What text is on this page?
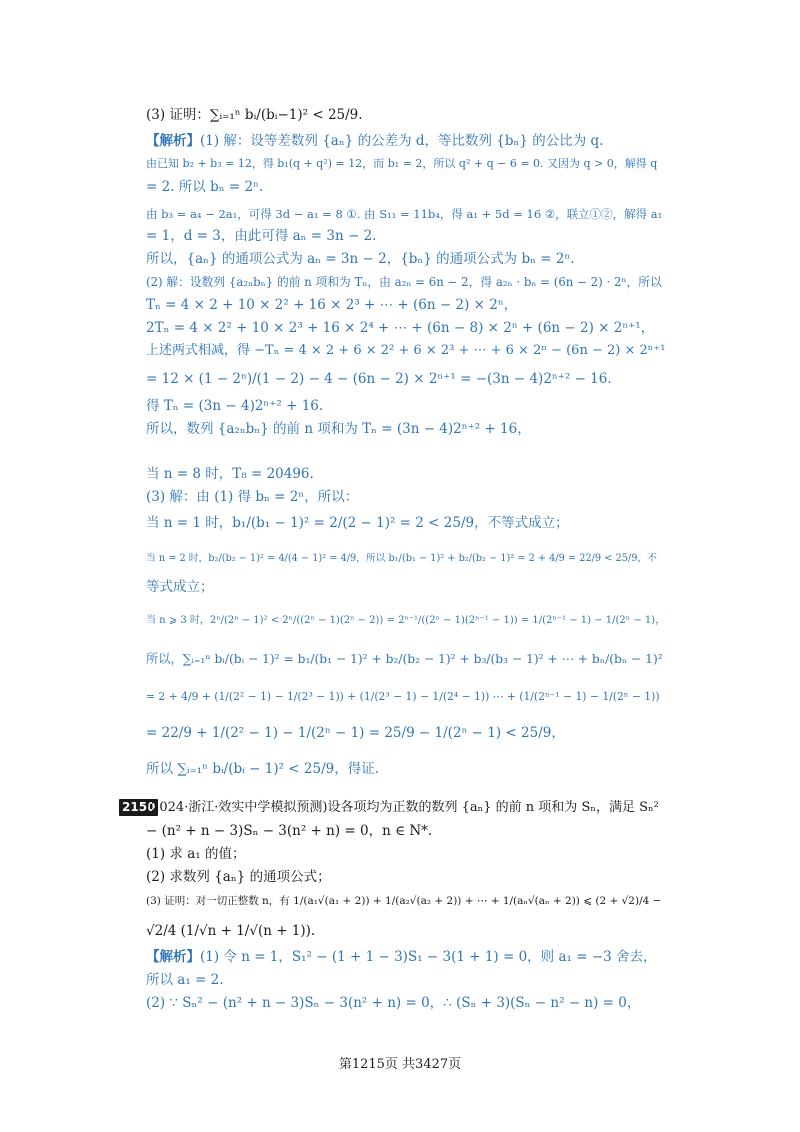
(3) 证明：∑ᵢ₌₁ⁿ bᵢ/(bᵢ−1)² < 25/9.
【解析】(1) 解：设等差数列 {aₙ} 的公差为 d，等比数列 {bₙ} 的公比为 q.
由已知 b₂ + b₃ = 12，得 b₁(q + q²) = 12，而 b₁ = 2，所以 q² + q − 6 = 0. 又因为 q > 0，解得 q
= 2. 所以 bₙ = 2ⁿ.
由 b₃ = a₄ − 2a₁，可得 3d − a₁ = 8 ①. 由 S₁₁ = 11b₄，得 a₁ + 5d = 16 ②，联立①②，解得 a₁
= 1，d = 3，由此可得 aₙ = 3n − 2.
所以，{aₙ} 的通项公式为 aₙ = 3n − 2，{bₙ} 的通项公式为 bₙ = 2ⁿ.
(2) 解：设数列 {a₂ₙbₙ} 的前 n 项和为 Tₙ，由 a₂ₙ = 6n − 2，得 a₂ₙ · bₙ = (6n − 2) · 2ⁿ，所以
Tₙ = 4 × 2 + 10 × 2² + 16 × 2³ + ⋯ + (6n − 2) × 2ⁿ，
2Tₙ = 4 × 2² + 10 × 2³ + 16 × 2⁴ + ⋯ + (6n − 8) × 2ⁿ + (6n − 2) × 2ⁿ⁺¹，
上述两式相减，得 −Tₙ = 4 × 2 + 6 × 2² + 6 × 2³ + ⋯ + 6 × 2ⁿ − (6n − 2) × 2ⁿ⁺¹
= 12 × (1 − 2ⁿ)/(1 − 2) − 4 − (6n − 2) × 2ⁿ⁺¹ = −(3n − 4)2ⁿ⁺² − 16.
得 Tₙ = (3n − 4)2ⁿ⁺² + 16.
所以，数列 {a₂ₙbₙ} 的前 n 项和为 Tₙ = (3n − 4)2ⁿ⁺² + 16，
当 n = 8 时，T₈ = 20496.
(3) 解：由 (1) 得 bₙ = 2ⁿ，所以：
当 n = 1 时，b₁/(b₁ − 1)² = 2/(2 − 1)² = 2 < 25/9，不等式成立；
当 n = 2 时，b₂/(b₂ − 1)² = 4/(4 − 1)² = 4/9，所以 b₁/(b₁ − 1)² + b₂/(b₂ − 1)² = 2 + 4/9 = 22/9 < 25/9，不
等式成立；
当 n ⩾ 3 时，2ⁿ/(2ⁿ − 1)² < 2ⁿ/((2ⁿ − 1)(2ⁿ − 2)) = 2ⁿ⁻¹/((2ⁿ − 1)(2ⁿ⁻¹ − 1)) = 1/(2ⁿ⁻¹ − 1) − 1/(2ⁿ − 1)，
所以，∑ᵢ₌₁ⁿ bᵢ/(bᵢ − 1)² = b₁/(b₁ − 1)² + b₂/(b₂ − 1)² + b₃/(b₃ − 1)² + ⋯ + bₙ/(bₙ − 1)²
= 2 + 4/9 + (1/(2² − 1) − 1/(2³ − 1)) + (1/(2³ − 1) − 1/(2⁴ − 1)) ⋯ + (1/(2ⁿ⁻¹ − 1) − 1/(2ⁿ − 1))
= 22/9 + 1/(2² − 1) − 1/(2ⁿ − 1) = 25/9 − 1/(2ⁿ − 1) < 25/9，
所以 ∑ᵢ₌₁ⁿ bᵢ/(bᵢ − 1)² < 25/9，得证.
2150
(2024·浙江·效实中学模拟预测)设各项均为正数的数列 {aₙ} 的前 n 项和为 Sₙ，满足 Sₙ²
− (n² + n − 3)Sₙ − 3(n² + n) = 0，n ∈ N*.
(1) 求 a₁ 的值；
(2) 求数列 {aₙ} 的通项公式；
(3) 证明：对一切正整数 n，有 1/(a₁√(a₁ + 2)) + 1/(a₂√(a₂ + 2)) + ⋯ + 1/(aₙ√(aₙ + 2)) ⩽ (2 + √2)/4 −
√2/4 (1/√n + 1/√(n + 1)).
【解析】(1) 令 n = 1，S₁² − (1 + 1 − 3)S₁ − 3(1 + 1) = 0，则 a₁ = −3 舍去，
所以 a₁ = 2.
(2) ∵ Sₙ² − (n² + n − 3)Sₙ − 3(n² + n) = 0，∴ (Sₙ + 3)(Sₙ − n² − n) = 0，
第1215页 共3427页
